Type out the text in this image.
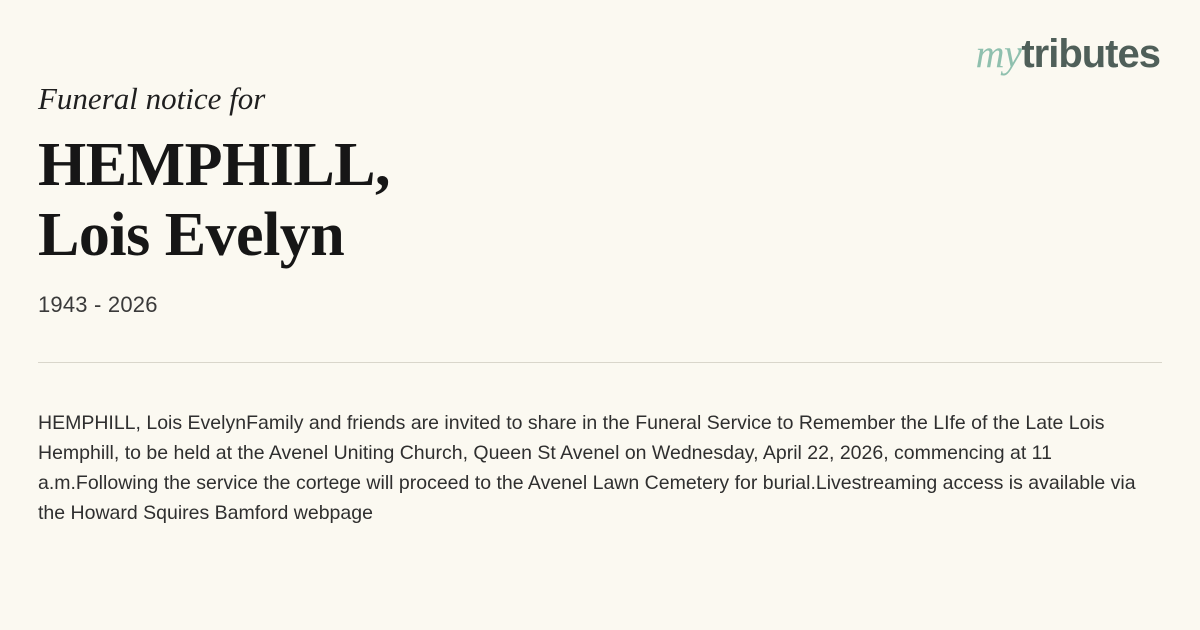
mytributes

Funeral notice for

HEMPHILL,
Lois Evelyn

1943 - 2026

HEMPHILL, Lois EvelynFamily and friends are invited to share in the Funeral Service to Remember the LIfe of the Late Lois Hemphill, to be held at the Avenel Uniting Church, Queen St Avenel on Wednesday, April 22, 2026, commencing at 11 a.m.Following the service the cortege will proceed to the Avenel Lawn Cemetery for burial.Livestreaming access is available via the Howard Squires Bamford webpage
